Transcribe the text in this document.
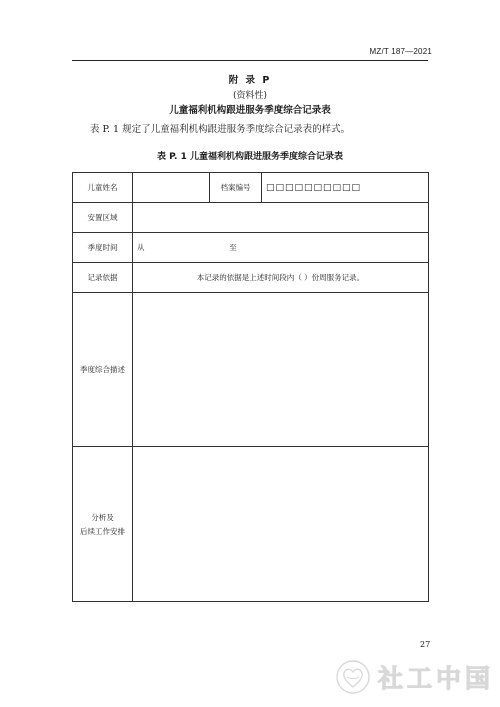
MZ/T 187—2021
附 录 P
(资料性)
儿童福利机构跟进服务季度综合记录表
表 P. 1 规定了儿童福利机构跟进服务季度综合记录表的样式。
表 P. 1 儿童福利机构跟进服务季度综合记录表
儿童姓名		档案编号	□□□□□□□□□□
安置区域			
季度时间	从 至		
记录依据	本记录的依据是上述时间段内（ ）份周服务记录。		
季度综合描述			

分析及
后续工作安排			

27
社工中国
